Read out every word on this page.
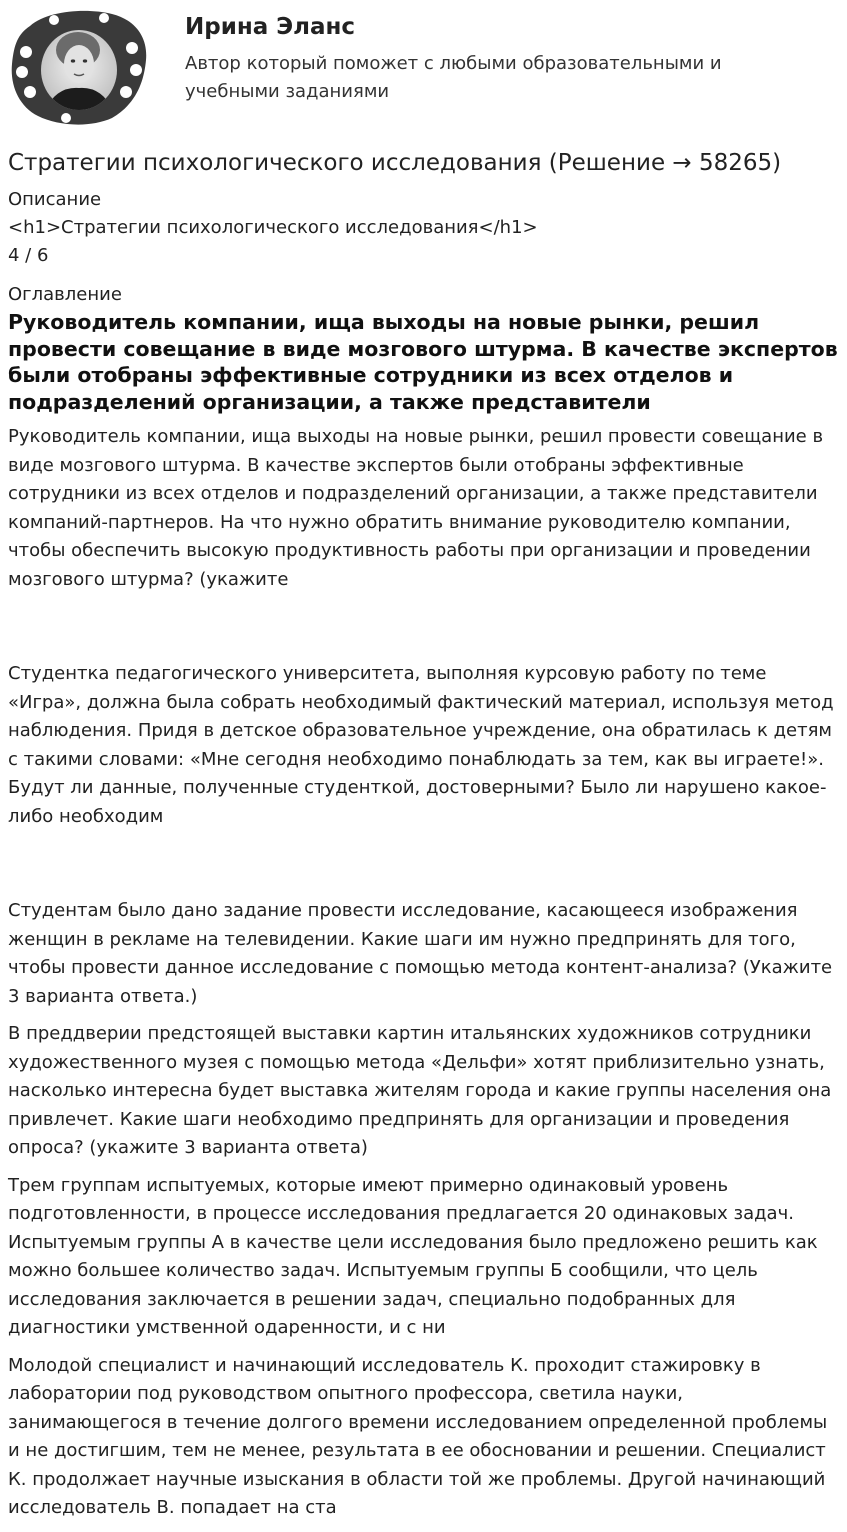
Ирина Эланс

Автор который поможет с любыми образовательными и учебными заданиями

Стратегии психологического исследования (Решение → 58265)

Описание

<h1>Стратегии психологического исследования</h1>

4 / 6

Оглавление

Руководитель компании, ища выходы на новые рынки, решил провести совещание в виде мозгового штурма. В качестве экспертов были отобраны эффективные сотрудники из всех отделов и подразделений организации, а также представители

Руководитель компании, ища выходы на новые рынки, решил провести совещание в виде мозгового штурма. В качестве экспертов были отобраны эффективные сотрудники из всех отделов и подразделений организации, а также представители компаний-партнеров. На что нужно обратить внимание руководителю компании, чтобы обеспечить высокую продуктивность работы при организации и проведении мозгового штурма? (укажите

Студентка педагогического университета, выполняя курсовую работу по теме «Игра», должна была собрать необходимый фактический материал, используя метод наблюдения. Придя в детское образовательное учреждение, она обратилась к детям с такими словами: «Мне сегодня необходимо понаблюдать за тем, как вы играете!». Будут ли данные, полученные студенткой, достоверными? Было ли нарушено какое-либо необходим

Студентам было дано задание провести исследование, касающееся изображения женщин в рекламе на телевидении. Какие шаги им нужно предпринять для того, чтобы провести данное исследование с помощью метода контент-анализа? (Укажите 3 варианта ответа.)

В преддверии предстоящей выставки картин итальянских художников сотрудники художественного музея с помощью метода «Дельфи» хотят приблизительно узнать, насколько интересна будет выставка жителям города и какие группы населения она привлечет. Какие шаги необходимо предпринять для организации и проведения опроса? (укажите 3 варианта ответа)

Трем группам испытуемых, которые имеют примерно одинаковый уровень подготовленности, в процессе исследования предлагается 20 одинаковых задач. Испытуемым группы А в качестве цели исследования было предложено решить как можно большее количество задач. Испытуемым группы Б сообщили, что цель исследования заключается в решении задач, специально подобранных для диагностики умственной одаренности, и с ни

Молодой специалист и начинающий исследователь К. проходит стажировку в лаборатории под руководством опытного профессора, светила науки, занимающегося в течение долгого времени исследованием определенной проблемы и не достигшим, тем не менее, результата в ее обосновании и решении. Специалист К. продолжает научные изыскания в области той же проблемы. Другой начинающий исследователь В. попадает на ста
